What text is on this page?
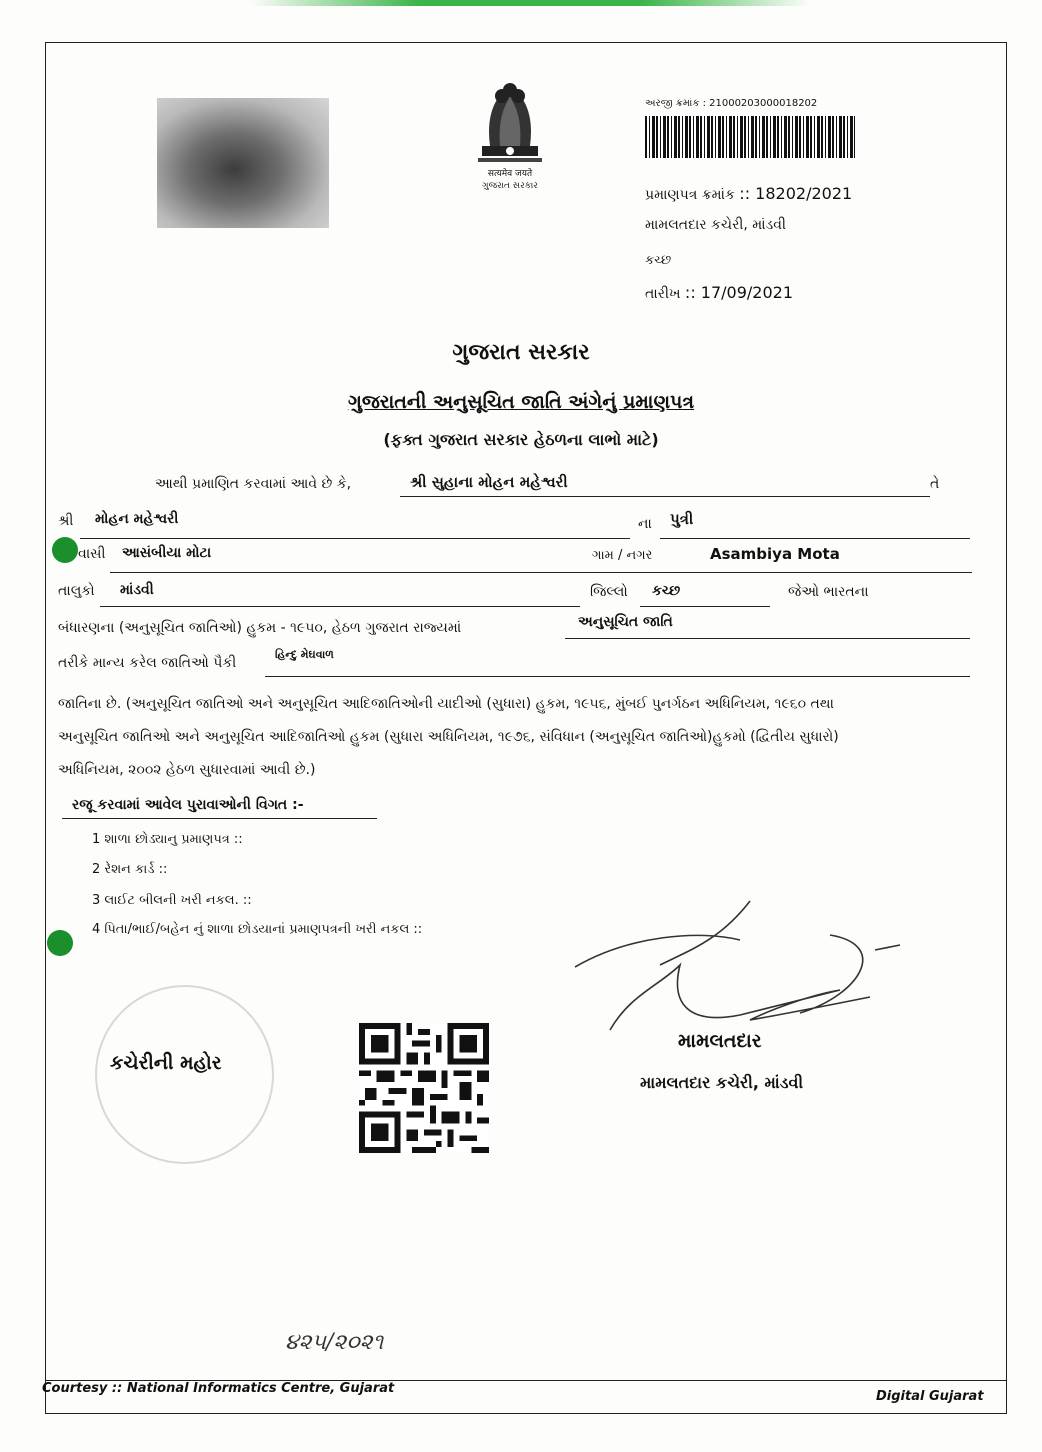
सत्यमेव जयते
ગુજરાત સરકાર
અરજી ક્રમાંક : 21000203000018202
પ્રમાણપત્ર ક્રમાંક :: 18202/2021
મામલતદાર કચેરી, માંડવી
કચ્છ
તારીખ :: 17/09/2021
ગુજરાત સરકાર
ગુજરાતની અનુસૂચિત જાતિ અંગેનું પ્રમાણપત્ર
(ફક્ત ગુજરાત સરકાર હેઠળના લાભો માટે)
આથી પ્રમાણિત કરવામાં આવે છે કે,	શ્રી સુહાના મોહન મહેશ્વરી	તે
શ્રી મોહન મહેશ્વરી	ના પુત્રી
વાસી આસંબીયા મોટા	ગામ / નગર	Asambiya Mota
તાલુકો માંડવી	જિલ્લો કચ્છ	જેઓ ભારતના
બંધારણના (અનુસૂચિત જાતિઓ) હુકમ - ૧૯૫૦, હેઠળ ગુજરાત રાજ્યમાં	અનુસૂચિત જાતિ
તરીકે માન્ય કરેલ જાતિઓ પૈકી
હિન્દુ મેઘવાળ
જાતિના છે. (અનુસૂચિત જાતિઓ અને અનુસૂચિત આદિજાતિઓની યાદીઓ (સુધારા) હુકમ, ૧૯૫૬, મુંબઈ પુનર્ગઠન અધિનિયમ, ૧૯૬૦ તથા
અનુસૂચિત જાતિઓ અને અનુસૂચિત આદિજાતિઓ હુકમ (સુધારા અધિનિયમ, ૧૯૭૬, સંવિધાન (અનુસૂચિત જાતિઓ)હુકમો (દ્વિતીય સુધારો)
અધિનિયમ, ૨૦૦૨ હેઠળ સુધારવામાં આવી છે.)
રજૂ કરવામાં આવેલ પુરાવાઓની વિગત :-
1 શાળા છોડ્યાનુ પ્રમાણપત્ર ::
2 રેશન કાર્ડ ::
3 લાઈટ બીલની ખરી નકલ. ::
4 પિતા/ભાઈ/બહેન નું શાળા છોડયાનાં પ્રમાણપત્રની ખરી નકલ ::
કચેરીની મહોર
મામલતદાર
મામલતદાર કચેરી, માંડવી
૪૨૫/૨૦૨૧
Courtesy :: National Informatics Centre, Gujarat
Digital Gujarat
